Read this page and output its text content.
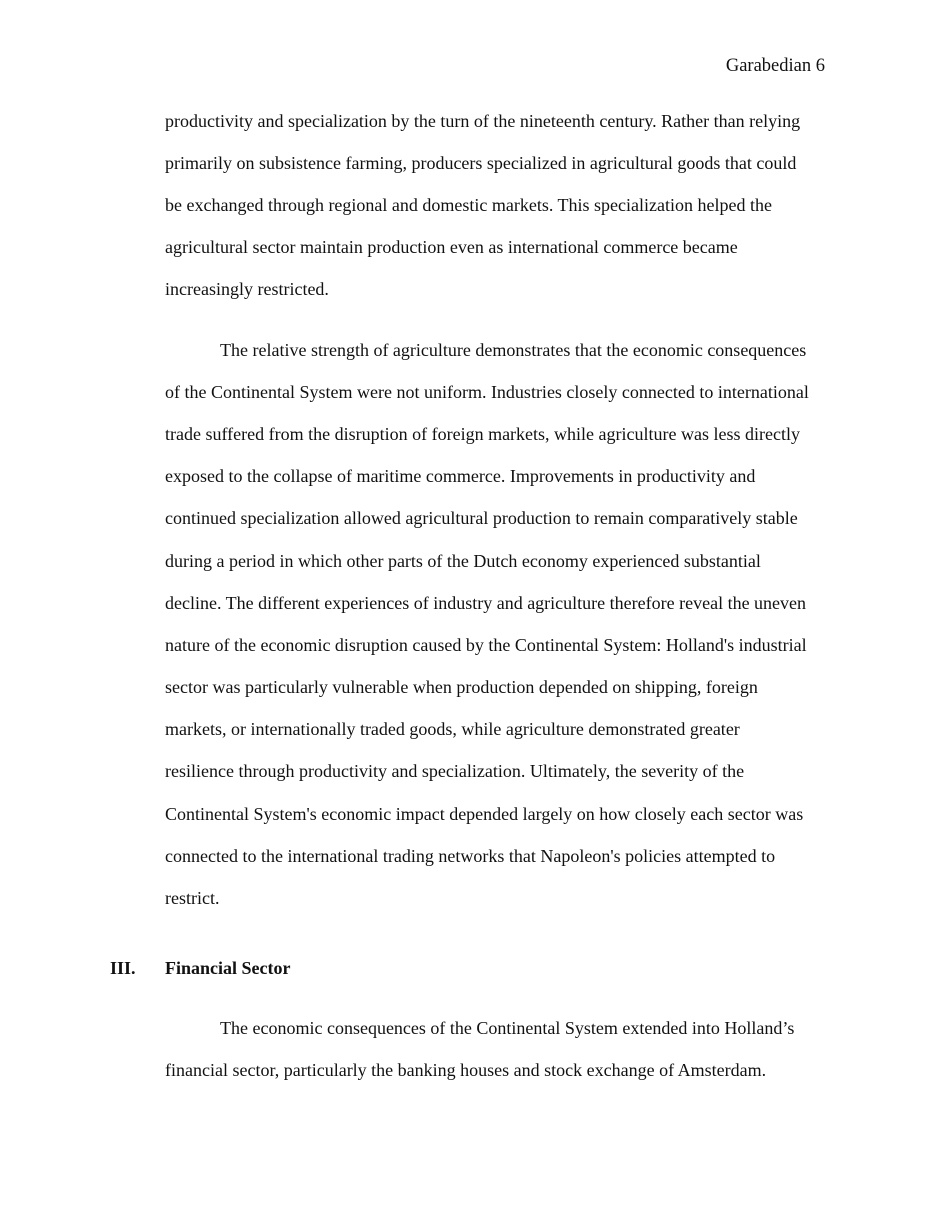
Garabedian 6
productivity and specialization by the turn of the nineteenth century. Rather than relying
primarily on subsistence farming, producers specialized in agricultural goods that could
be exchanged through regional and domestic markets. This specialization helped the
agricultural sector maintain production even as international commerce became
increasingly restricted.
The relative strength of agriculture demonstrates that the economic consequences
of the Continental System were not uniform. Industries closely connected to international
trade suffered from the disruption of foreign markets, while agriculture was less directly
exposed to the collapse of maritime commerce. Improvements in productivity and
continued specialization allowed agricultural production to remain comparatively stable
during a period in which other parts of the Dutch economy experienced substantial
decline. The different experiences of industry and agriculture therefore reveal the uneven
nature of the economic disruption caused by the Continental System: Holland's industrial
sector was particularly vulnerable when production depended on shipping, foreign
markets, or internationally traded goods, while agriculture demonstrated greater
resilience through productivity and specialization. Ultimately, the severity of the
Continental System's economic impact depended largely on how closely each sector was
connected to the international trading networks that Napoleon's policies attempted to
restrict.
III. Financial Sector
The economic consequences of the Continental System extended into Holland’s
financial sector, particularly the banking houses and stock exchange of Amsterdam.
